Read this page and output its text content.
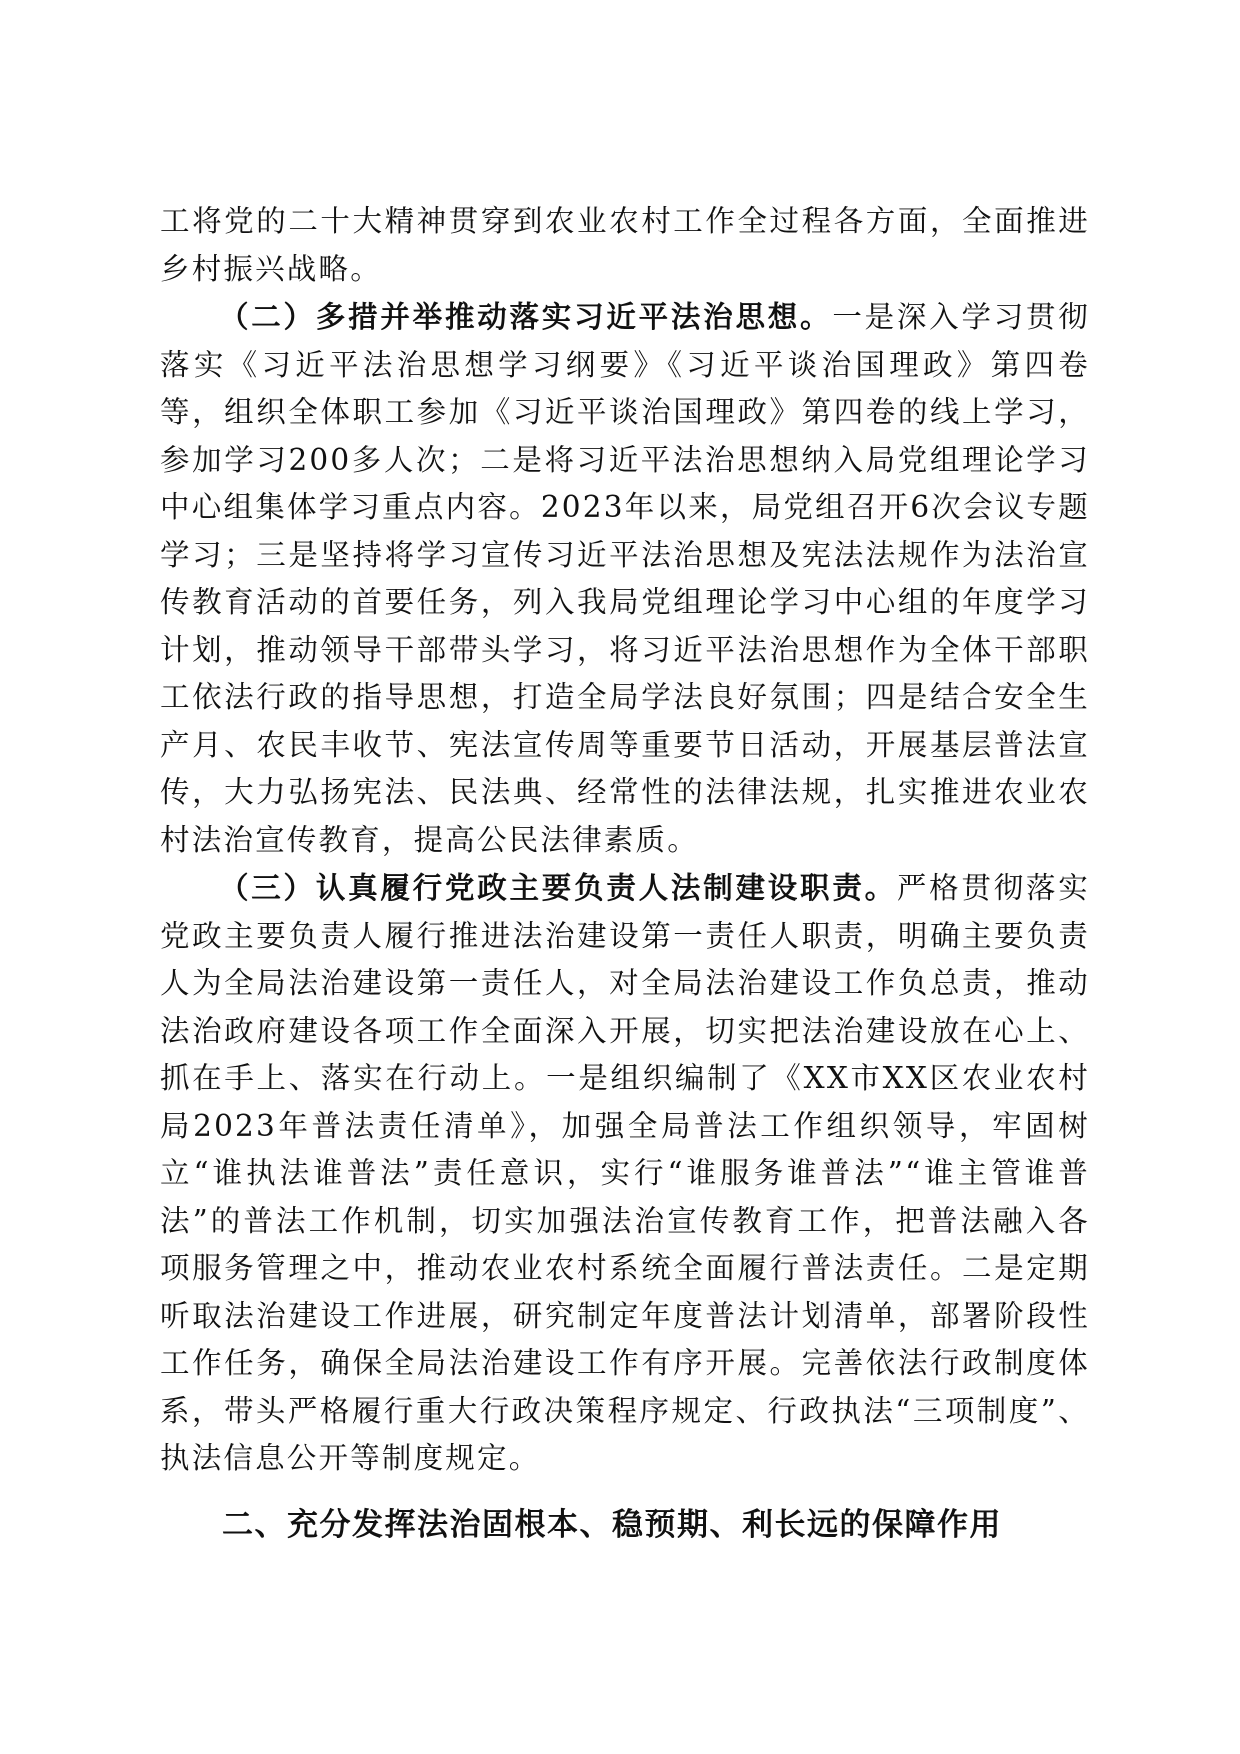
工将党的二十大精神贯穿到农业农村工作全过程各方面，全面推进乡村振兴战略。

（二）多措并举推动落实习近平法治思想。一是深入学习贯彻落实《习近平法治思想学习纲要》《习近平谈治国理政》第四卷等，组织全体职工参加《习近平谈治国理政》第四卷的线上学习，参加学习200多人次；二是将习近平法治思想纳入局党组理论学习中心组集体学习重点内容。2023年以来，局党组召开6次会议专题学习；三是坚持将学习宣传习近平法治思想及宪法法规作为法治宣传教育活动的首要任务，列入我局党组理论学习中心组的年度学习计划，推动领导干部带头学习，将习近平法治思想作为全体干部职工依法行政的指导思想，打造全局学法良好氛围；四是结合安全生产月、农民丰收节、宪法宣传周等重要节日活动，开展基层普法宣传，大力弘扬宪法、民法典、经常性的法律法规，扎实推进农业农村法治宣传教育，提高公民法律素质。

（三）认真履行党政主要负责人法制建设职责。严格贯彻落实党政主要负责人履行推进法治建设第一责任人职责，明确主要负责人为全局法治建设第一责任人，对全局法治建设工作负总责，推动法治政府建设各项工作全面深入开展，切实把法治建设放在心上、抓在手上、落实在行动上。一是组织编制了《XX市XX区农业农村局2023年普法责任清单》，加强全局普法工作组织领导，牢固树立“谁执法谁普法”责任意识，实行“谁服务谁普法”“谁主管谁普法”的普法工作机制，切实加强法治宣传教育工作，把普法融入各项服务管理之中，推动农业农村系统全面履行普法责任。二是定期听取法治建设工作进展，研究制定年度普法计划清单，部署阶段性工作任务，确保全局法治建设工作有序开展。完善依法行政制度体系，带头严格履行重大行政决策程序规定、行政执法“三项制度”、执法信息公开等制度规定。

二、充分发挥法治固根本、稳预期、利长远的保障作用
